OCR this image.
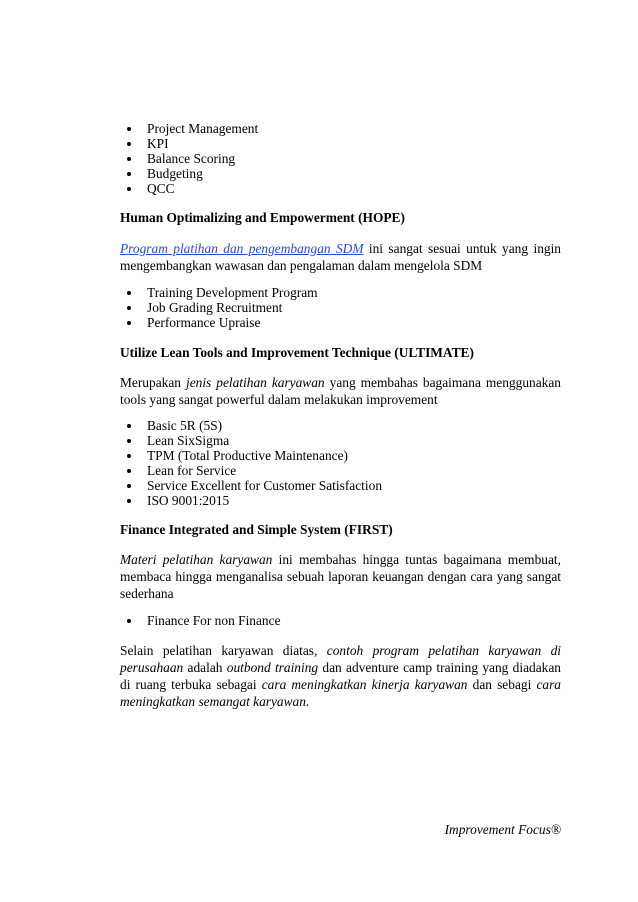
Project Management
KPI
Balance Scoring
Budgeting
QCC
Human Optimalizing and Empowerment (HOPE)
Program platihan dan pengembangan SDM ini sangat sesuai untuk yang ingin mengembangkan wawasan dan pengalaman dalam mengelola SDM
Training Development Program
Job Grading Recruitment
Performance Upraise
Utilize Lean Tools and Improvement Technique (ULTIMATE)
Merupakan jenis pelatihan karyawan yang membahas bagaimana menggunakan tools yang sangat powerful dalam melakukan improvement
Basic 5R (5S)
Lean SixSigma
TPM (Total Productive Maintenance)
Lean for Service
Service Excellent for Customer Satisfaction
ISO 9001:2015
Finance Integrated and Simple System (FIRST)
Materi pelatihan karyawan ini membahas hingga tuntas bagaimana membuat, membaca hingga menganalisa sebuah laporan keuangan dengan cara yang sangat sederhana
Finance For non Finance
Selain pelatihan karyawan diatas, contoh program pelatihan karyawan di perusahaan adalah outbond training dan adventure camp training yang diadakan di ruang terbuka sebagai cara meningkatkan kinerja karyawan dan sebagi cara meningkatkan semangat karyawan.
Improvement Focus®
